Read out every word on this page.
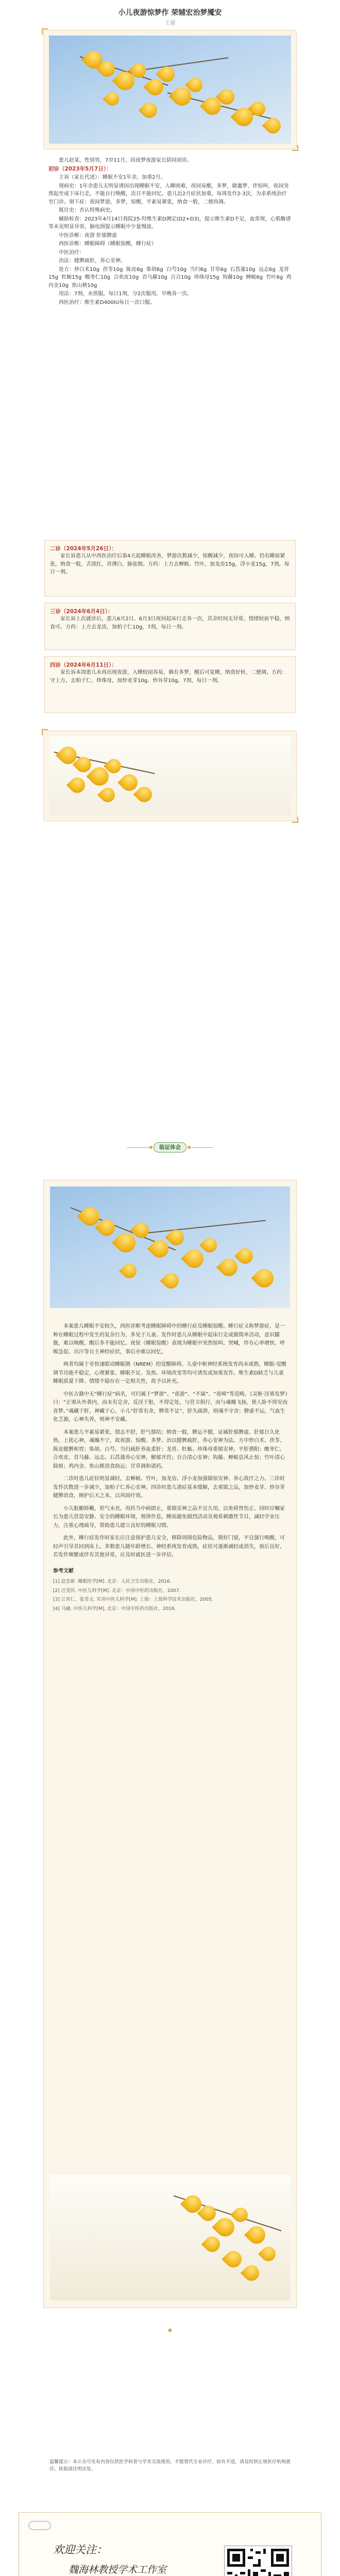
小儿夜游惊梦作 荣辅宏治梦魇安
王璟

患儿赵某，性别男，7岁11月，因夜梦夜游家长陪同初诊。

初诊（2023年5月7日）：

主诉（家长代述）：睡眠不安1年余，加重2月。

现病史：1年余患儿无明显诱因出现睡眠不安，入睡困难，夜间易醒，多梦，做噩梦，伴惊叫，夜间突然起坐或下床行走，不能自行唤醒，次日不能回忆。患儿近2月症状加重，每周发作2-3次，为求系统治疗至门诊。刻下症：夜间梦游，多梦，惊醒，平素易紧张，纳食一般，二便尚调。

既往史：否认特殊病史。

辅助检查：2023年4月14日我院25-羟维生素D测定(D2+D3)，提示维生素D不足，血常规，心肌酶谱等未见明显异常，脑电图提示睡眠中少量慢波。

中医诊断：夜游 肝郁脾虚

西医诊断：睡眠障碍（睡眠惊醒，睡行症）

中医治疗：

治法：健脾疏肝，养心安神。

处方：炒白术10g  茯苓10g  陈皮6g  柴胡6g  白芍10g  当归6g  甘草6g  石菖蒲10g  远志6g  龙骨15g  牡蛎15g  酸枣仁10g  合欢皮10g  首乌藤10g  百合10g  珍珠母15g  钩藤10g  蝉蜕6g  竹叶6g  鸡内金10g  焦山楂10g

用法：7剂，水煎服，每日1剂，分2次服用，早晚各一次。

西医治疗：维生素D400IU每日一次口服。

二诊（2024年5月26日）：
家长诉患儿从中西医治疗后第4天起睡眠改善，梦游次数减少，惊醒减少，夜间可入睡。仍有睡前紧张，纳食一般，舌淡红，苔薄白，脉弦细。方药：上方去蝉蜕、竹叶，加龙齿15g，浮小麦15g，7剂，每日一剂。
三诊（2024年6月4日）：
家长诉上次就诊后，患儿6月2日、6月3日夜间起床行走各一次，其余时间无异常，情绪较前平稳，纳食可。方药：上方去龙齿，加柏子仁10g，7剂，每日一剂。
四诊（2024年6月11日）：
家长诉本周患儿未再出现夜游，入睡较前容易，偶有多梦，醒后可复睡，纳食好转，二便调。方药：守上方，去柏子仁、珍珠母，加炒麦芽10g、炒谷芽10g，7剂，每日一剂。
临证体会

本案患儿睡眠不安较久，西医诊断考虑睡眠障碍中的睡行症及睡眠惊醒。睡行症又称梦游症，是一种在睡眠过程中发生的复杂行为，多见于儿童。发作时患儿从睡眠中起床行走或做简单活动，意识朦胧，难以唤醒，醒后多不能回忆。夜惊（睡眠惊醒）表现为睡眠中突然惊叫、哭喊，伴有心率增快、呼吸急促、出汗等自主神经症状，事后亦难以回忆。

两者均属于非快速眼动睡眠期（NREM）的觉醒障碍。儿童中枢神经系统发育尚未成熟，睡眠-觉醒调节功能不稳定，心理紧张、睡眠不足、发热、环境改变等均可诱发或加重发作。维生素D缺乏与儿童睡眠质量下降、情绪不稳存在一定相关性，故予以补充。

中医古籍中无“睡行症”病名，可归属于“梦游”、“夜游”、“不寐”、“夜啼”等范畴。《灵枢·淫邪发梦》曰：“正邪从外袭内，而未有定舍，反淫于脏，不得定处，与营卫俱行，而与魂魄飞扬，使人卧不得安而喜梦。”魂藏于肝，神藏于心，小儿“肝常有余，脾常不足”，肝失疏泄，则魂不守舍；脾虚不运，气血生化乏源，心神失养，则神不安藏。

本案患儿平素易紧张，情志不舒，肝气郁结；纳食一般，脾运不健，证属肝郁脾虚。肝郁日久化热，上扰心神，魂魄不宁，故夜游、惊醒、多梦。治以健脾疏肝，养心安神为法。方中炒白术、茯苓、陈皮健脾和胃；柴胡、白芍、当归疏肝养血柔肝；龙骨、牡蛎、珍珠母重镇安神，平肝潜阳；酸枣仁、合欢皮、首乌藤、远志、石菖蒲养心安神，解郁开窍；百合清心安神；钩藤、蝉蜕息风止惊；竹叶清心除烦；鸡内金、焦山楂消食助运；甘草调和诸药。

二诊时患儿症状明显减轻，去蝉蜕、竹叶，加龙齿、浮小麦加强镇惊安神、养心敛汗之力。三诊时发作次数进一步减少，加柏子仁养心安神。四诊时患儿诸症基本缓解，去重镇之品，加炒麦芽、炒谷芽健脾消食，顾护后天之本，以巩固疗效。

小儿脏腑娇嫩，形气未充，用药当中病即止，重镇安神之品不宜久用，以免碍胃伤正。同时应嘱家长为患儿营造安静、安全的睡眠环境，规律作息，睡前避免剧烈活动及观看刺激性节目，减轻学业压力，注重心理疏导，帮助患儿建立良好的睡眠习惯。

此外，睡行症发作时家长应注意保护患儿安全，移除周围危险物品，锁好门窗，不宜强行唤醒，可轻声引导其回到床上。多数患儿随年龄增长、神经系统发育成熟，症状可逐渐减轻或消失，预后良好。若发作频繁或伴有其他异常，应及时就医进一步评估。

参考文献

[1] 赵忠新. 睡眠医学[M]. 北京：人民卫生出版社，2016.

[2] 汪受传. 中医儿科学[M]. 北京：中国中医药出版社，2007.

[3] 江育仁，张奇文. 实用中医儿科学[M]. 上海：上海科学技术出版社，2005.

[4] 马融. 中医儿科学[M]. 北京：中国中医药出版社，2016.

温馨提示：本公众号发布内容仅供医学科普与学术交流使用，不能替代专业诊疗。如有不适，请及时到正规医疗机构就诊。转载请注明出处。
欢迎关注：
魏海林教授学术工作室
